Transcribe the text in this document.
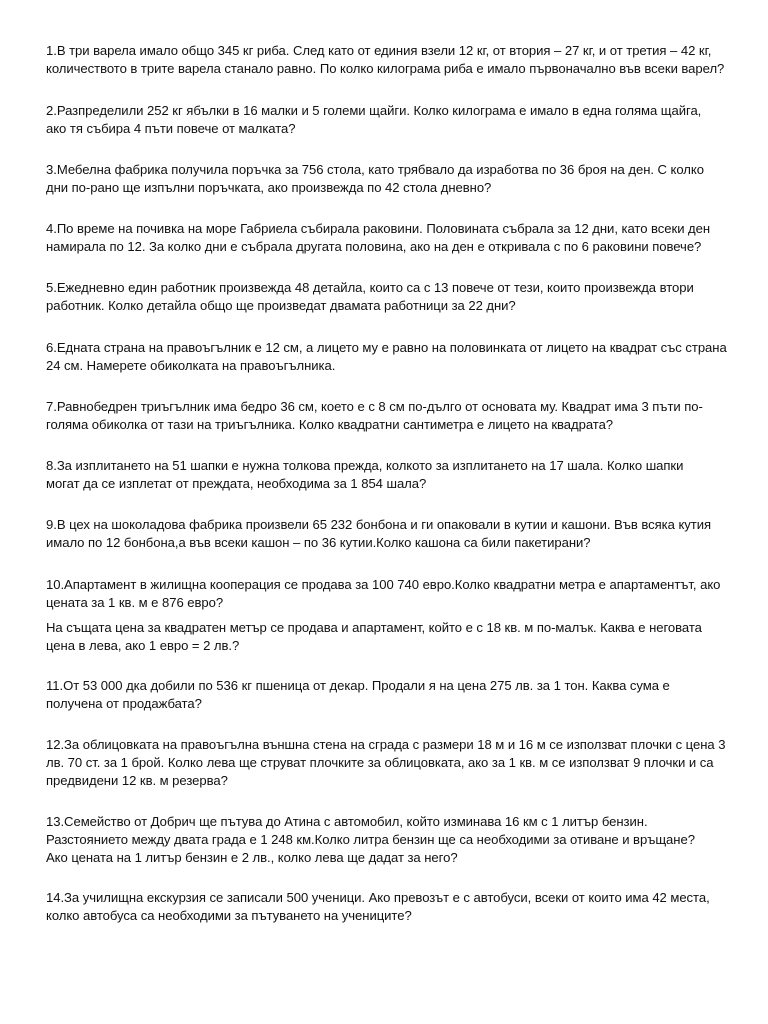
1.В три варела имало общо 345 кг риба. След като от единия взели 12 кг, от втория – 27 кг, и от третия – 42 кг,
количеството в трите варела станало равно. По колко килограма риба е имало първоначално във всеки варел?

2.Разпределили 252 кг ябълки в 16 малки и 5 големи щайги. Колко килограма е имало в една голяма щайга,
ако тя събира 4 пъти повече от малката?

3.Мебелна фабрика получила поръчка за 756 стола, като трябвало да изработва по 36 броя на ден. С колко
дни по-рано ще изпълни поръчката, ако произвежда по 42 стола дневно?

4.По време на почивка на море Габриела събирала раковини. Половината събрала за 12 дни, като всеки ден
намирала по 12. За колко дни е събрала другата половина, ако на ден е откривала с по 6 раковини повече?

5.Ежедневно един работник произвежда 48 детайла, които са с 13 повече от тези, които произвежда втори
работник. Колко детайла общо ще произведат двамата работници за 22 дни?

6.Едната страна на правоъгълник е 12 см, а лицето му е равно на половинката от лицето на квадрат със страна
24 см. Намерете обиколката на правоъгълника.

7.Равнобедрен триъгълник има бедро 36 см, което е с 8 см по-дълго от основата му. Квадрат има 3 пъти по-
голяма обиколка от тази на триъгълника. Колко квадратни сантиметра е лицето на квадрата?

8.За изплитането на 51 шапки е нужна толкова прежда, колкото за изплитането на 17 шала. Колко шапки
могат да се изплетат от преждата, необходима за 1 854 шала?

9.В цех на шоколадова фабрика произвели 65 232 бонбона и ги опаковали в кутии и кашони. Във всяка кутия
имало по 12 бонбона,а във всеки кашон – по 36 кутии.Колко кашона са били пакетирани?

10.Апартамент в жилищна кооперация се продава за 100 740 евро.Колко квадратни метра е апартаментът, ако
цената за 1 кв. м е 876 евро?

На същата цена за квадратен метър се продава и апартамент, който е с 18 кв. м по-малък. Каква е неговата
цена в лева, ако 1 евро = 2 лв.?

11.От 53 000 дка добили по 536 кг пшеница от декар. Продали я на цена 275 лв. за 1 тон. Каква сума е
получена от продажбата?

12.За облицовката на правоъгълна външна стена на сграда с размери 18 м и 16 м се използват плочки с цена 3
лв. 70 ст. за 1 брой. Колко лева ще струват плочките за облицовката, ако за 1 кв. м се използват 9 плочки и са
предвидени 12 кв. м резерва?

13.Семейство от Добрич ще пътува до Атина с автомобил, който изминава 16 км с 1 литър бензин.
Разстоянието между двата града е 1 248 км.Колко литра бензин ще са необходими за отиване и връщане?
Ако цената на 1 литър бензин е 2 лв., колко лева ще дадат за него?

14.За училищна екскурзия се записали 500 ученици. Ако превозът е с автобуси, всеки от които има 42 места,
колко автобуса са необходими за пътуването на учениците?
